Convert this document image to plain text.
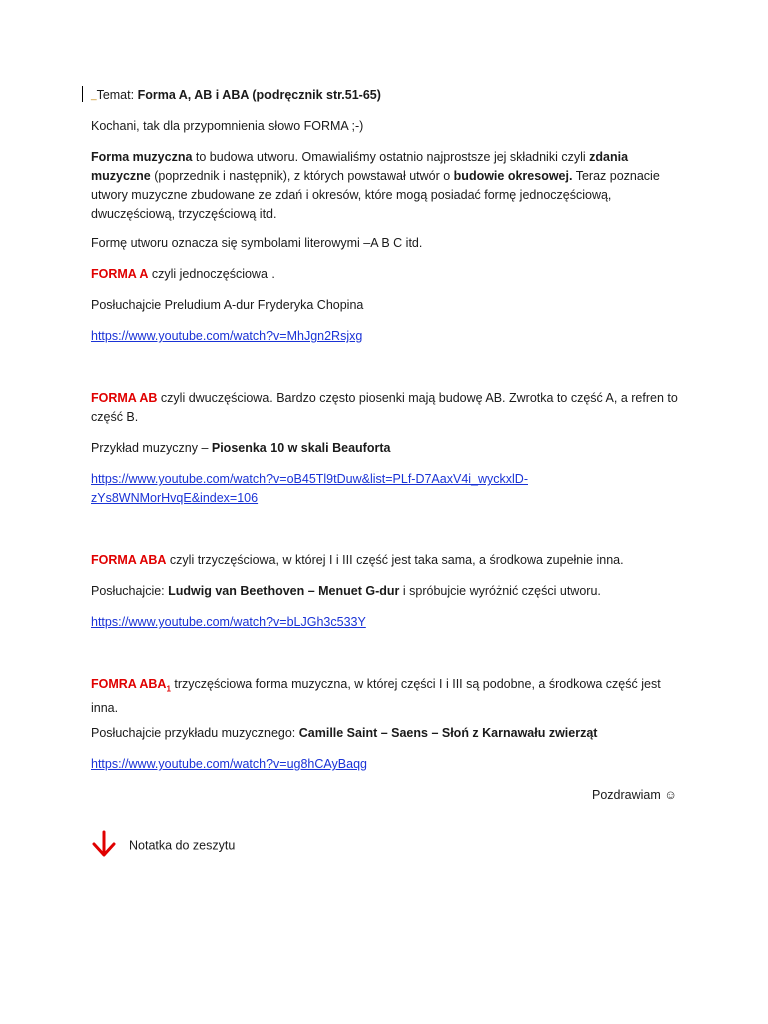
_Temat: Forma A, AB i ABA (podręcznik str.51-65)

Kochani, tak dla przypomnienia słowo FORMA ;-)

Forma muzyczna to budowa utworu. Omawialiśmy ostatnio najprostsze jej składniki czyli zdania muzyczne (poprzednik i następnik), z których powstawał utwór o budowie okresowej. Teraz poznacie utwory muzyczne zbudowane ze zdań i okresów, które mogą posiadać formę jednoczęściową, dwuczęściową, trzyczęściową itd.

Formę utworu oznacza się symbolami literowymi –A B C itd.

FORMA A czyli jednoczęściowa .

Posłuchajcie Preludium A-dur Fryderyka Chopina

https://www.youtube.com/watch?v=MhJgn2Rsjxg

FORMA AB czyli dwuczęściowa. Bardzo często piosenki mają budowę AB. Zwrotka to część A, a refren to część B.

Przykład muzyczny – Piosenka 10 w skali Beauforta

https://www.youtube.com/watch?v=oB45Tl9tDuw&list=PLf-D7AaxV4i_wyckxlD-
zYs8WNMorHvqE&index=106

FORMA ABA czyli trzyczęściowa, w której I i III część jest taka sama, a środkowa zupełnie inna.

Posłuchajcie: Ludwig van Beethoven – Menuet G-dur i spróbujcie wyróżnić części utworu.

https://www.youtube.com/watch?v=bLJGh3c533Y

FOMRA $ABA_1$ trzyczęściowa forma muzyczna, w której części I i III są podobne, a środkowa część jest inna.

Posłuchajcie przykładu muzycznego: Camille Saint – Saens – Słoń z Karnawału zwierząt

https://www.youtube.com/watch?v=ug8hCAyBaqg

Pozdrawiam ☺

Notatka do zeszytu
